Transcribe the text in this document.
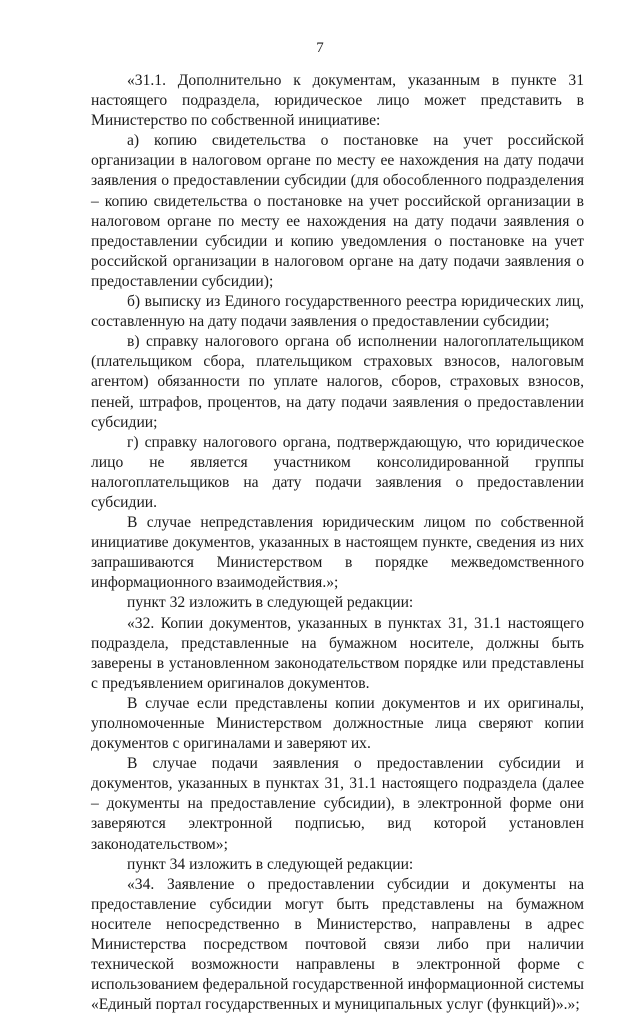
7

«31.1. Дополнительно к документам, указанным в пункте 31 настоящего подраздела, юридическое лицо может представить в Министерство по собственной инициативе:

а) копию свидетельства о постановке на учет российской организации в налоговом органе по месту ее нахождения на дату подачи заявления о предоставлении субсидии (для обособленного подразделения – копию свидетельства о постановке на учет российской организации в налоговом органе по месту ее нахождения на дату подачи заявления о предоставлении субсидии и копию уведомления о постановке на учет российской организации в налоговом органе на дату подачи заявления о предоставлении субсидии);

б) выписку из Единого государственного реестра юридических лиц, составленную на дату подачи заявления о предоставлении субсидии;

в) справку налогового органа об исполнении налогоплательщиком (плательщиком сбора, плательщиком страховых взносов, налоговым агентом) обязанности по уплате налогов, сборов, страховых взносов, пеней, штрафов, процентов, на дату подачи заявления о предоставлении субсидии;

г) справку налогового органа, подтверждающую, что юридическое лицо не является участником консолидированной группы налогоплательщиков на дату подачи заявления о предоставлении субсидии.

В случае непредставления юридическим лицом по собственной инициативе документов, указанных в настоящем пункте, сведения из них запрашиваются Министерством в порядке межведомственного информационного взаимодействия.»;

пункт 32 изложить в следующей редакции:

«32. Копии документов, указанных в пунктах 31, 31.1 настоящего подраздела, представленные на бумажном носителе, должны быть заверены в установленном законодательством порядке или представлены с предъявлением оригиналов документов.

В случае если представлены копии документов и их оригиналы, уполномоченные Министерством должностные лица сверяют копии документов с оригиналами и заверяют их.

В случае подачи заявления о предоставлении субсидии и документов, указанных в пунктах 31, 31.1 настоящего подраздела (далее – документы на предоставление субсидии), в электронной форме они заверяются электронной подписью, вид которой установлен законодательством»;

пункт 34 изложить в следующей редакции:

«34. Заявление о предоставлении субсидии и документы на предоставление субсидии могут быть представлены на бумажном носителе непосредственно в Министерство, направлены в адрес Министерства посредством почтовой связи либо при наличии технической возможности направлены в электронной форме с использованием федеральной государственной информационной системы «Единый портал государственных и муниципальных услуг (функций)».»;
